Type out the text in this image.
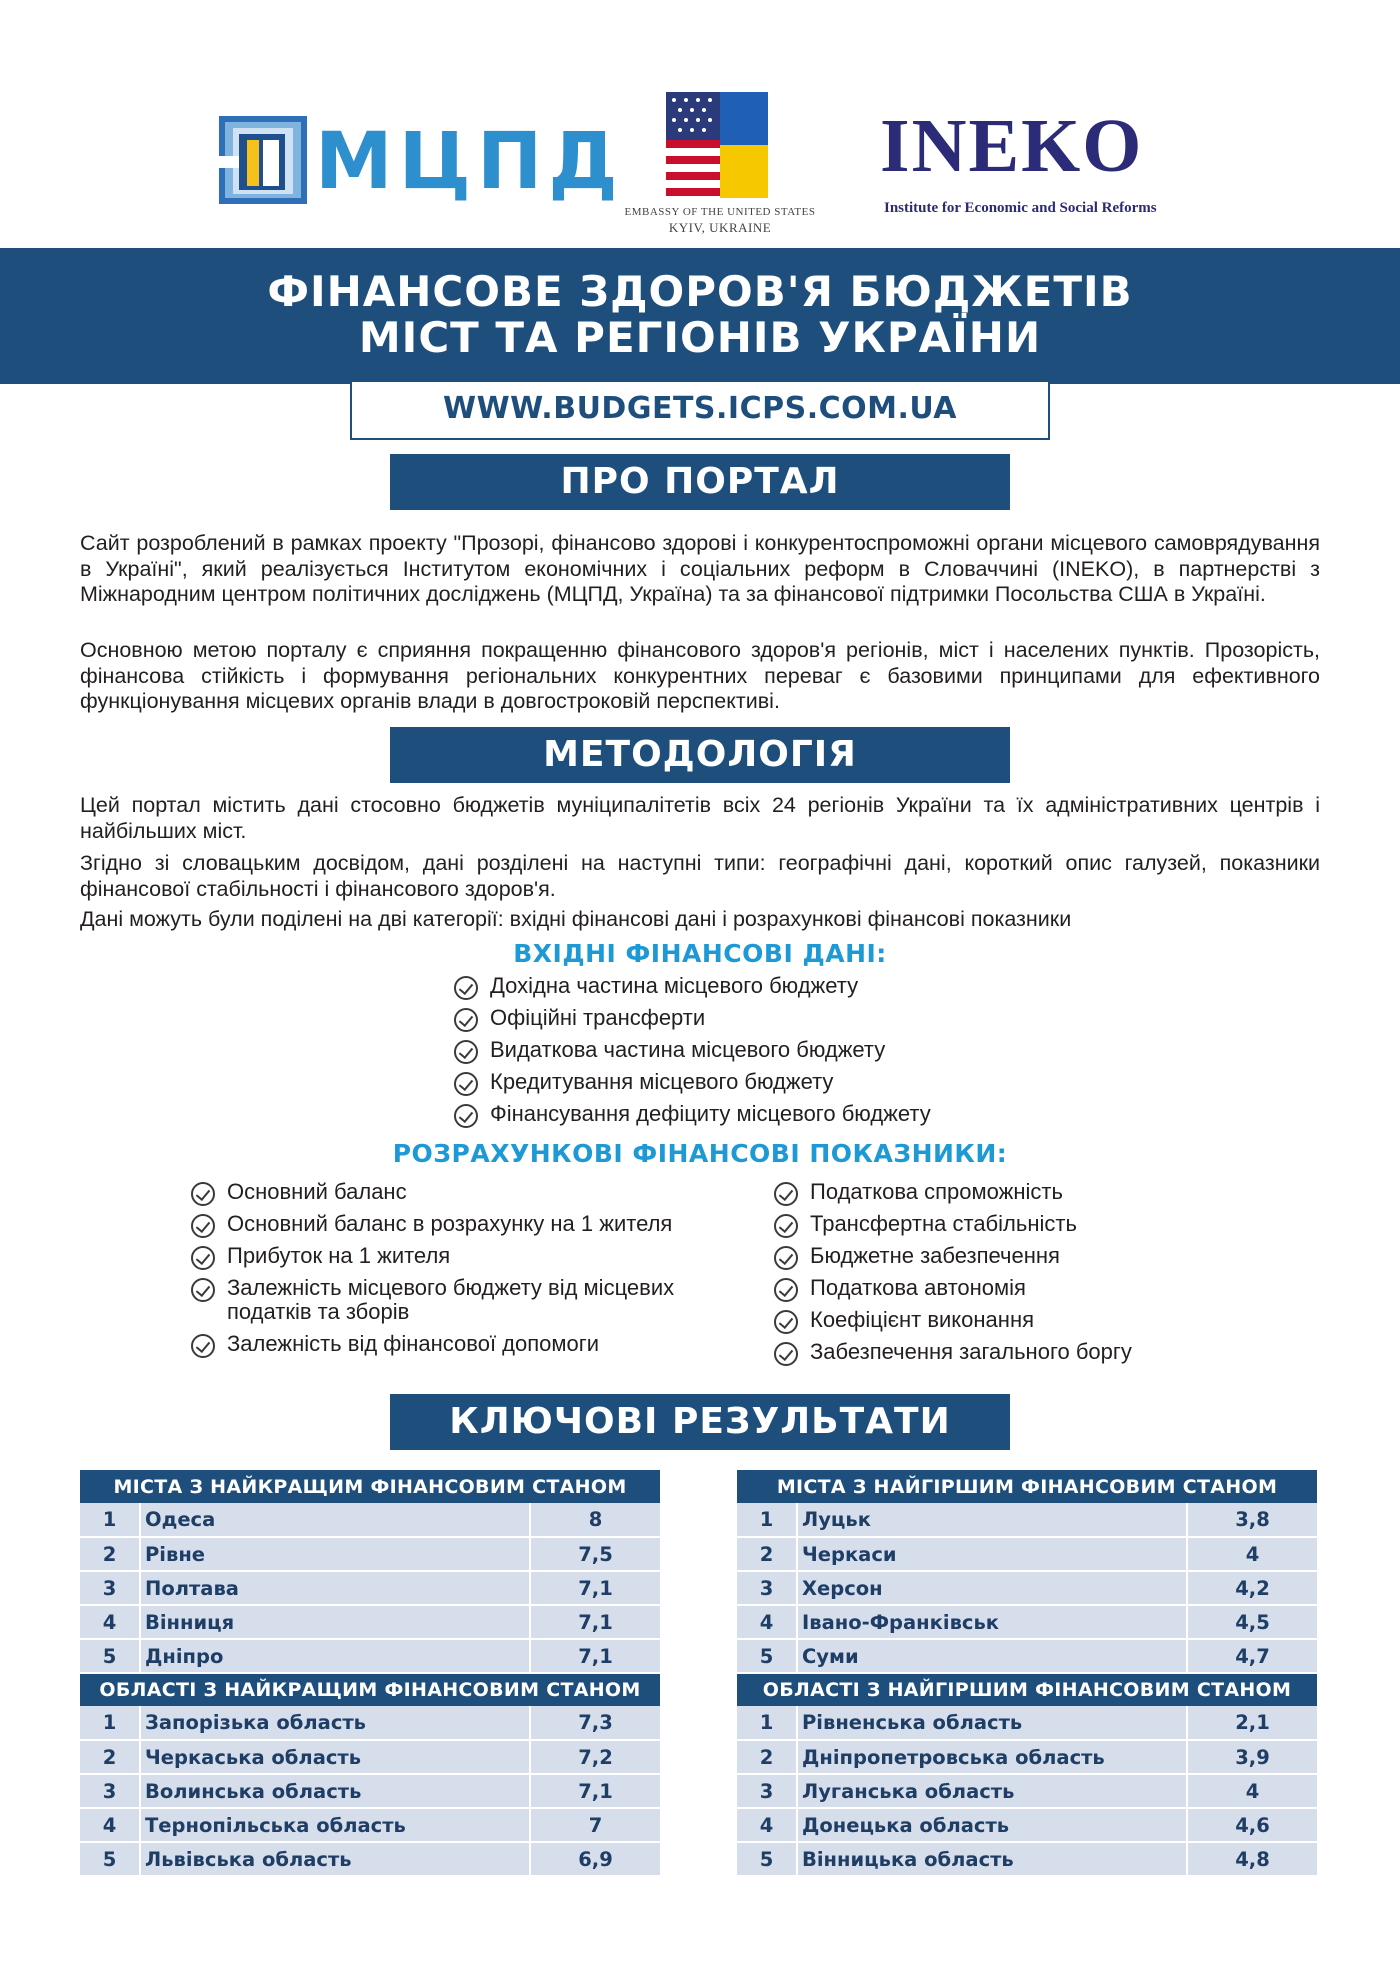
МЦПД
EMBASSY OF THE UNITED STATES
KYIV, UKRAINE
INEKO
Institute for Economic and Social Reforms
ФІНАНСОВЕ ЗДОРОВ'Я БЮДЖЕТІВ
МІСТ ТА РЕГІОНІВ УКРАЇНИ
WWW.BUDGETS.ICPS.COM.UA
ПРО ПОРТАЛ

Сайт розроблений в рамках проекту "Прозорі, фінансово здорові і конкурентоспроможні органи місцевого самоврядування в Україні", який реалізується Інститутом економічних і соціальних реформ в Словаччині (INEKO), в партнерстві з Міжнародним центром політичних досліджень (МЦПД, Україна) та за фінансової підтримки Посольства США в Україні.

Основною метою порталу є сприяння покращенню фінансового здоров'я регіонів, міст і населених пунктів. Прозорість, фінансова стійкість і формування регіональних конкурентних переваг є базовими принципами для ефективного функціонування місцевих органів влади в довгостроковій перспективі.

МЕТОДОЛОГІЯ

Цей портал містить дані стосовно бюджетів муніципалітетів всіх 24 регіонів України та їх адміністративних центрів і найбільших міст.

Згідно зі словацьким досвідом, дані розділені на наступні типи: географічні дані, короткий опис галузей, показники фінансової стабільності і фінансового здоров'я.

Дані можуть були поділені на дві категорії: вхідні фінансові дані і розрахункові фінансові показники

ВХІДНІ ФІНАНСОВІ ДАНІ:
Дохідна частина місцевого бюджету
Офіційні трансферти
Видаткова частина місцевого бюджету
Кредитування місцевого бюджету
Фінансування дефіциту місцевого бюджету
РОЗРАХУНКОВІ ФІНАНСОВІ ПОКАЗНИКИ:
Основний баланс
Основний баланс в розрахунку на 1 жителя
Прибуток на 1 жителя
Залежність місцевого бюджету від місцевих податків та зборів
Залежність від фінансової допомоги
Податкова спроможність
Трансфертна стабільність
Бюджетне забезпечення
Податкова автономія
Коефіцієнт виконання
Забезпечення загального боргу
КЛЮЧОВІ РЕЗУЛЬТАТИ
МІСТА З НАЙКРАЩИМ ФІНАНСОВИМ СТАНОМ		
1	Одеса	8
2	Рівне	7,5
3	Полтава	7,1
4	Вінниця	7,1
5	Дніпро	7,1
ОБЛАСТІ З НАЙКРАЩИМ ФІНАНСОВИМ СТАНОМ		
1	Запорізька область	7,3
2	Черкаська область	7,2
3	Волинська область	7,1
4	Тернопільська область	7
5	Львівська область	6,9
МІСТА З НАЙГІРШИМ ФІНАНСОВИМ СТАНОМ		
1	Луцьк	3,8
2	Черкаси	4
3	Херсон	4,2
4	Івано-Франківськ	4,5
5	Суми	4,7
ОБЛАСТІ З НАЙГІРШИМ ФІНАНСОВИМ СТАНОМ		
1	Рівненська область	2,1
2	Дніпропетровська область	3,9
3	Луганська область	4
4	Донецька область	4,6
5	Вінницька область	4,8
